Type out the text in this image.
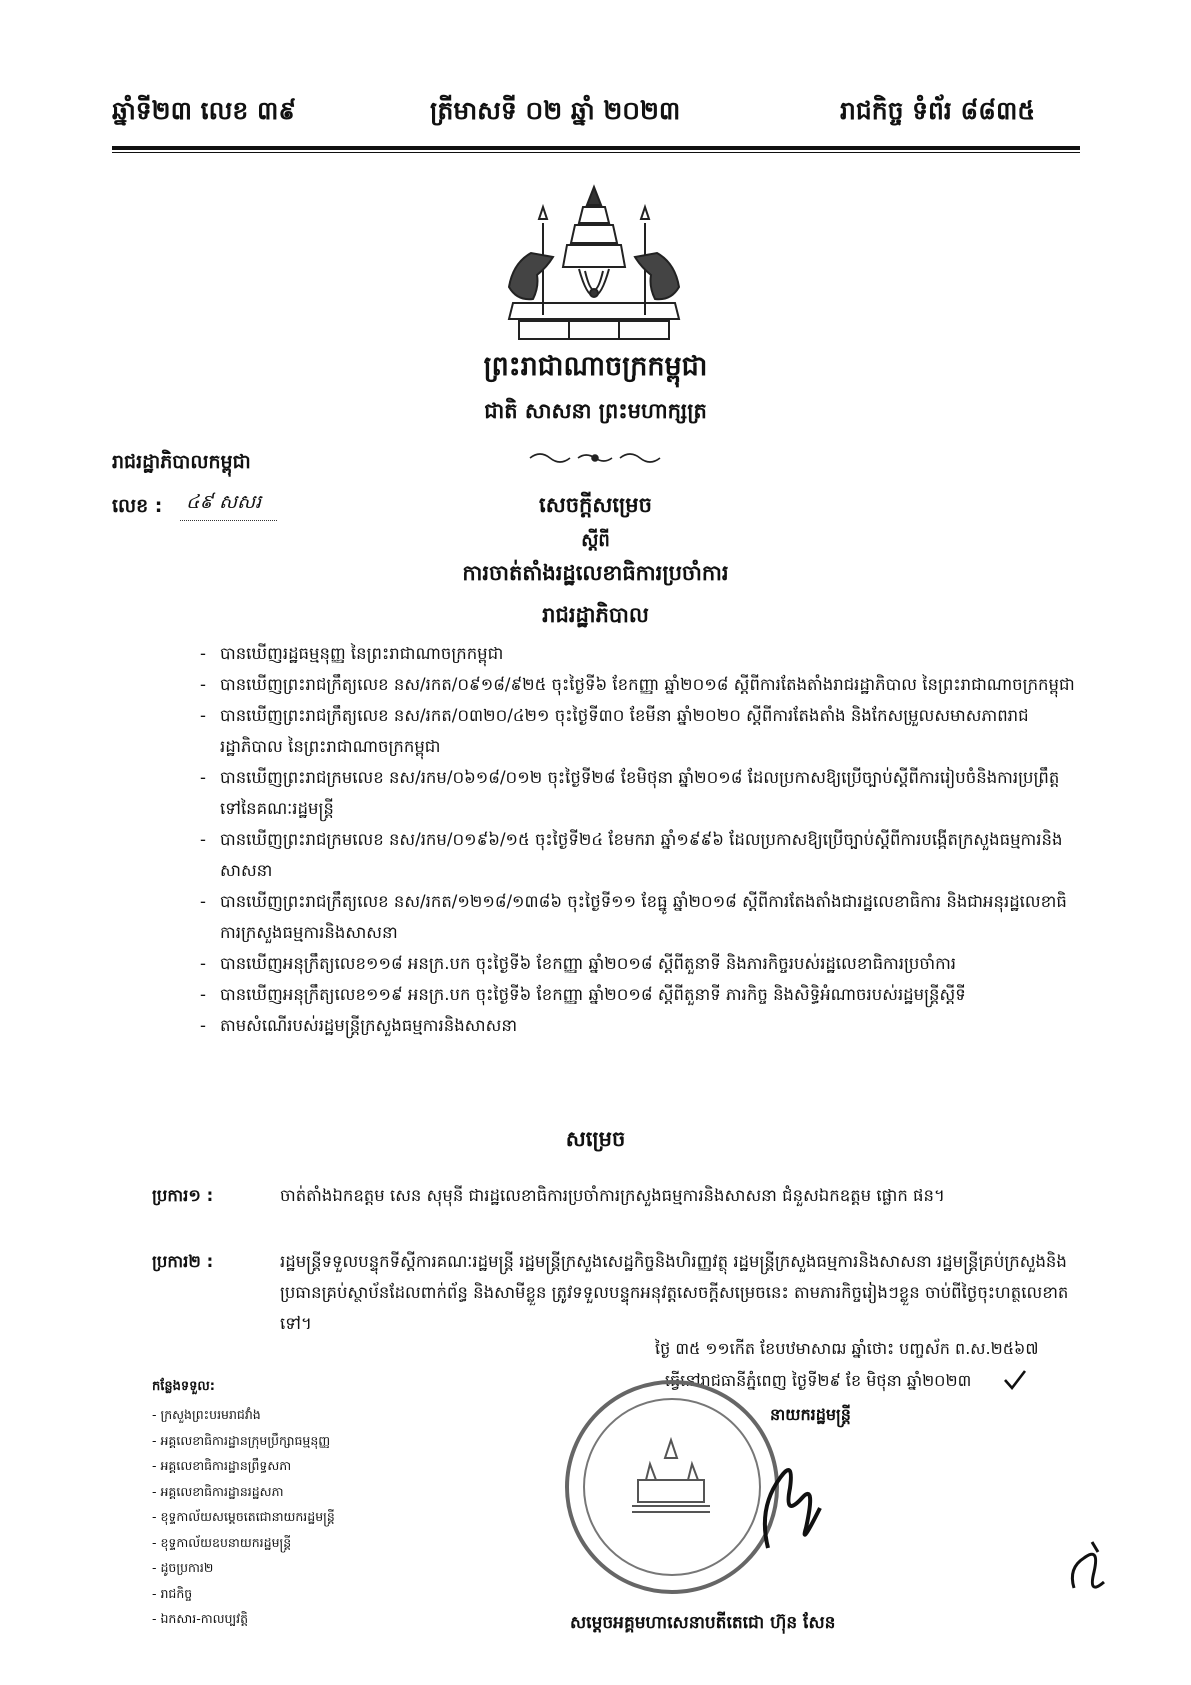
ឆ្នាំទី២៣ លេខ ៣៩	ត្រីមាសទី ០២ ឆ្នាំ ២០២៣	រាជកិច្ច ទំព័រ ៨៨៣៥
ព្រះរាជាណាចក្រកម្ពុជា
ជាតិ សាសនា ព្រះមហាក្សត្រ
រាជរដ្ឋាភិបាលកម្ពុជា
លេខ :	៤៩ សសរ	សេចក្ដីសម្រេច
ស្ដីពី
ការចាត់តាំងរដ្ឋលេខាធិការប្រចាំការ
រាជរដ្ឋាភិបាល
- បានឃើញរដ្ឋធម្មនុញ្ញ នៃព្រះរាជាណាចក្រកម្ពុជា
- បានឃើញព្រះរាជក្រឹត្យលេខ នស/រកត/០៩១៨/៩២៥ ចុះថ្ងៃទី៦ ខែកញ្ញា ឆ្នាំ២០១៨ ស្តីពីការតែងតាំងរាជរដ្ឋាភិបាល នៃព្រះរាជាណាចក្រកម្ពុជា
- បានឃើញព្រះរាជក្រឹត្យលេខ នស/រកត/០៣២០/៤២១ ចុះថ្ងៃទី៣០ ខែមីនា ឆ្នាំ២០២០ ស្តីពីការតែងតាំង និងកែសម្រួលសមាសភាពរាជរដ្ឋាភិបាល នៃព្រះរាជាណាចក្រកម្ពុជា
- បានឃើញព្រះរាជក្រមលេខ នស/រកម/០៦១៨/០១២ ចុះថ្ងៃទី២៨ ខែមិថុនា ឆ្នាំ២០១៨ ដែលប្រកាសឱ្យប្រើច្បាប់ស្តីពីការរៀបចំនិងការប្រព្រឹត្តទៅនៃគណៈរដ្ឋមន្ត្រី
- បានឃើញព្រះរាជក្រមលេខ នស/រកម/០១៩៦/១៥ ចុះថ្ងៃទី២៤ ខែមករា ឆ្នាំ១៩៩៦ ដែលប្រកាសឱ្យប្រើច្បាប់ស្តីពីការបង្កើតក្រសួងធម្មការនិងសាសនា
- បានឃើញព្រះរាជក្រឹត្យលេខ នស/រកត/១២១៨/១៣៨៦ ចុះថ្ងៃទី១១ ខែធ្នូ ឆ្នាំ២០១៨ ស្តីពីការតែងតាំងជារដ្ឋលេខាធិការ និងជាអនុរដ្ឋលេខាធិការក្រសួងធម្មការនិងសាសនា
- បានឃើញអនុក្រឹត្យលេខ១១៨ អនក្រ.បក ចុះថ្ងៃទី៦ ខែកញ្ញា ឆ្នាំ២០១៨ ស្តីពីតួនាទី និងភារកិច្ចរបស់រដ្ឋលេខាធិការប្រចាំការ
- បានឃើញអនុក្រឹត្យលេខ១១៩ អនក្រ.បក ចុះថ្ងៃទី៦ ខែកញ្ញា ឆ្នាំ២០១៨ ស្តីពីតួនាទី ភារកិច្ច និងសិទ្ធិអំណាចរបស់រដ្ឋមន្ត្រីស្តីទី
- តាមសំណើរបស់រដ្ឋមន្ត្រីក្រសួងធម្មការនិងសាសនា
សម្រេច
ប្រការ១ :	ចាត់តាំងឯកឧត្តម សេន សុមុនី ជារដ្ឋលេខាធិការប្រចាំការក្រសួងធម្មការនិងសាសនា ជំនួសឯកឧត្តម ផ្លោក ផន។
ប្រការ២ :	រដ្ឋមន្ត្រីទទួលបន្ទុកទីស្តីការគណៈរដ្ឋមន្ត្រី រដ្ឋមន្ត្រីក្រសួងសេដ្ឋកិច្ចនិងហិរញ្ញវត្ថុ រដ្ឋមន្ត្រីក្រសួងធម្មការនិងសាសនា រដ្ឋមន្ត្រីគ្រប់ក្រសួងនិងប្រធានគ្រប់ស្ថាប័នដែលពាក់ព័ន្ធ និងសាមីខ្លួន ត្រូវទទួលបន្ទុកអនុវត្តសេចក្តីសម្រេចនេះ តាមភារកិច្ចរៀងៗខ្លួន ចាប់ពីថ្ងៃចុះហត្ថលេខាតទៅ។
ថ្ងៃ ៣៥ ១១កើត ខែបឋមាសាឍ ឆ្នាំថោះ បញ្ចស័ក ព.ស.២៥៦៧
ធ្វើនៅរាជធានីភ្នំពេញ ថ្ងៃទី២៩ ខែ មិថុនា ឆ្នាំ២០២៣
នាយករដ្ឋមន្ត្រី
សម្ដេចអគ្គមហាសេនាបតីតេជោ ហ៊ុន សែន
កន្លែងទទួល:
- ក្រសួងព្រះបរមរាជវាំង
- អគ្គលេខាធិការដ្ឋានក្រុមប្រឹក្សាធម្មនុញ្ញ
- អគ្គលេខាធិការដ្ឋានព្រឹទ្ធសភា
- អគ្គលេខាធិការដ្ឋានរដ្ឋសភា
- ខុទ្ទកាល័យសម្ដេចតេជោនាយករដ្ឋមន្ត្រី
- ខុទ្ទកាល័យឧបនាយករដ្ឋមន្ត្រី
- ដូចប្រការ២
- រាជកិច្ច
- ឯកសារ-កាលប្បវត្តិ
